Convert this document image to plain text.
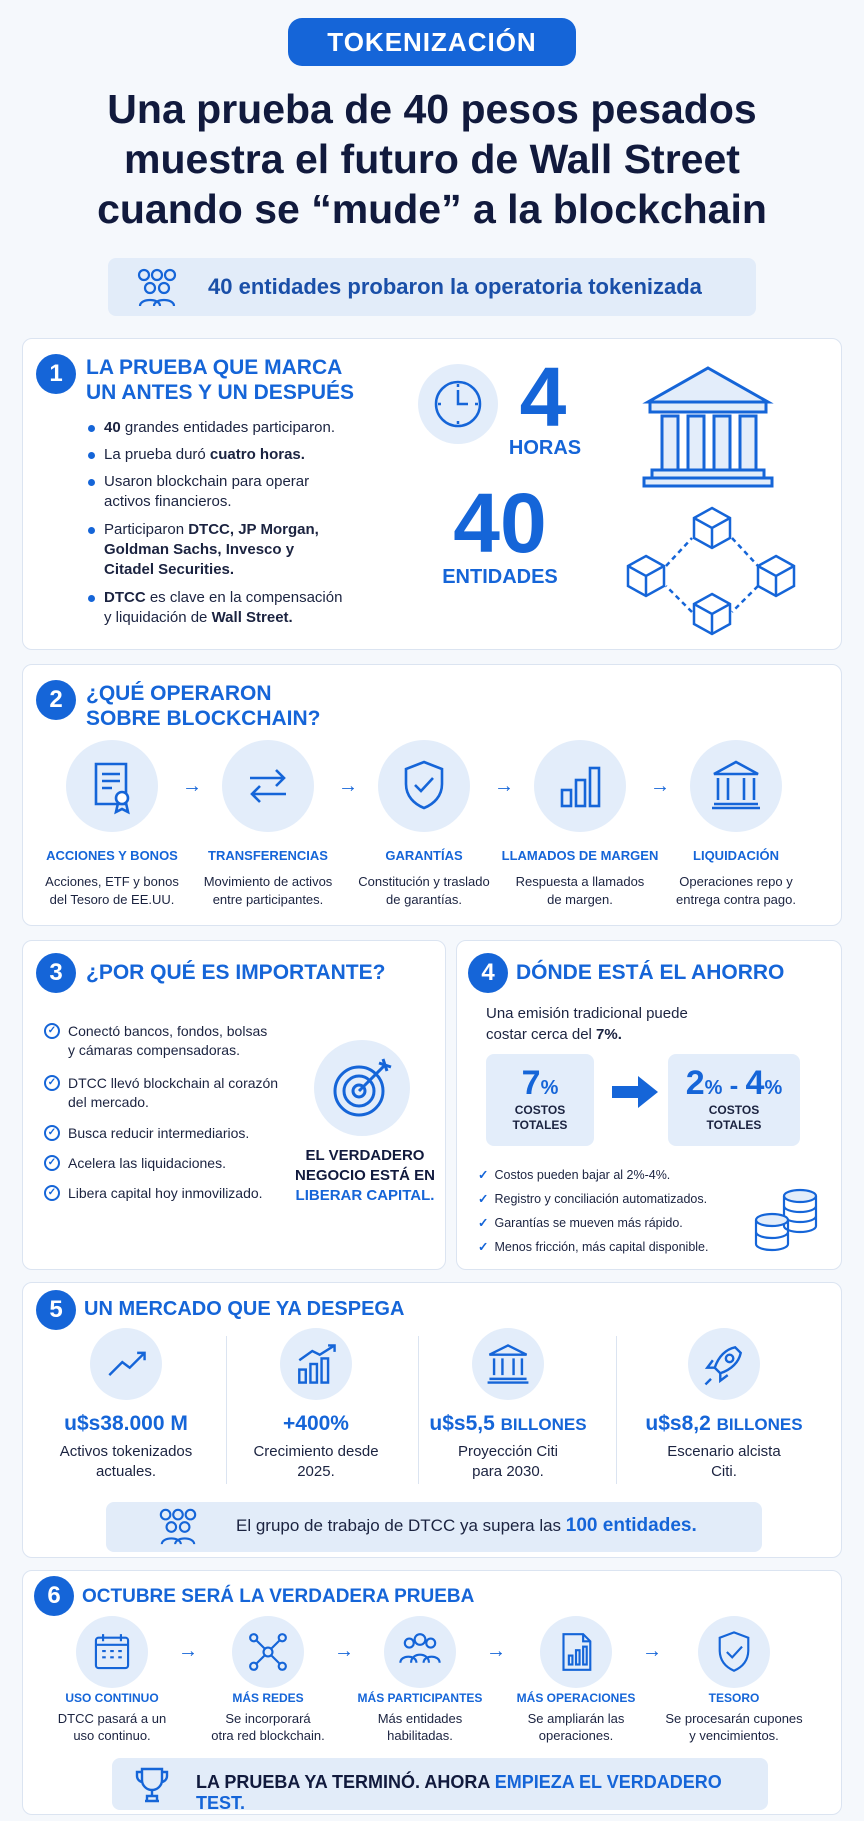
TOKENIZACIÓN
Una prueba de 40 pesos pesados
muestra el futuro de Wall Street
cuando se “mude” a la blockchain
40 entidades probaron la operatoria tokenizada
1	LA PRUEBA QUE MARCA
UN ANTES Y UN DESPUÉS
40 grandes entidades participaron.
La prueba duró cuatro horas.
Usaron blockchain para operar
activos financieros.
Participaron DTCC, JP Morgan,
Goldman Sachs, Invesco y
Citadel Securities.
DTCC es clave en la compensación
y liquidación de Wall Street.
4
HORAS
40
ENTIDADES
2	¿QUÉ OPERARON
SOBRE BLOCKCHAIN?
ACCIONES Y BONOS
Acciones, ETF y bonos
del Tesoro de EE.UU.
→
TRANSFERENCIAS
Movimiento de activos
entre participantes.
→
GARANTÍAS
Constitución y traslado
de garantías.
→
LLAMADOS DE MARGEN
Respuesta a llamados
de margen.
→
LIQUIDACIÓN
Operaciones repo y
entrega contra pago.
3	¿POR QUÉ ES IMPORTANTE?
✓ Conectó bancos, fondos, bolsas
y cámaras compensadoras.
✓ DTCC llevó blockchain al corazón
del mercado.
✓ Busca reducir intermediarios.
✓ Acelera las liquidaciones.
✓ Libera capital hoy inmovilizado.
EL VERDADERO
NEGOCIO ESTÁ EN
LIBERAR CAPITAL.
4	DÓNDE ESTÁ EL AHORRO
Una emisión tradicional puede
costar cerca del 7%.
7%
COSTOS
TOTALES
2% - 4%
COSTOS
TOTALES
✓ Costos pueden bajar al 2%-4%.
✓ Registro y conciliación automatizados.
✓ Garantías se mueven más rápido.
✓ Menos fricción, más capital disponible.
5	UN MERCADO QUE YA DESPEGA
u$s38.000 M
Activos tokenizados
actuales.
+400%
Crecimiento desde
2025.
u$s5,5 BILLONES
Proyección Citi
para 2030.
u$s8,2 BILLONES
Escenario alcista
Citi.
El grupo de trabajo de DTCC ya supera las 100 entidades.
6	OCTUBRE SERÁ LA VERDADERA PRUEBA
USO CONTINUO
DTCC pasará a un
uso continuo.
→
MÁS REDES
Se incorporará
otra red blockchain.
→
MÁS PARTICIPANTES
Más entidades
habilitadas.
→
MÁS OPERACIONES
Se ampliarán las
operaciones.
→
TESORO
Se procesarán cupones
y vencimientos.
LA PRUEBA YA TERMINÓ. AHORA EMPIEZA EL VERDADERO TEST.
